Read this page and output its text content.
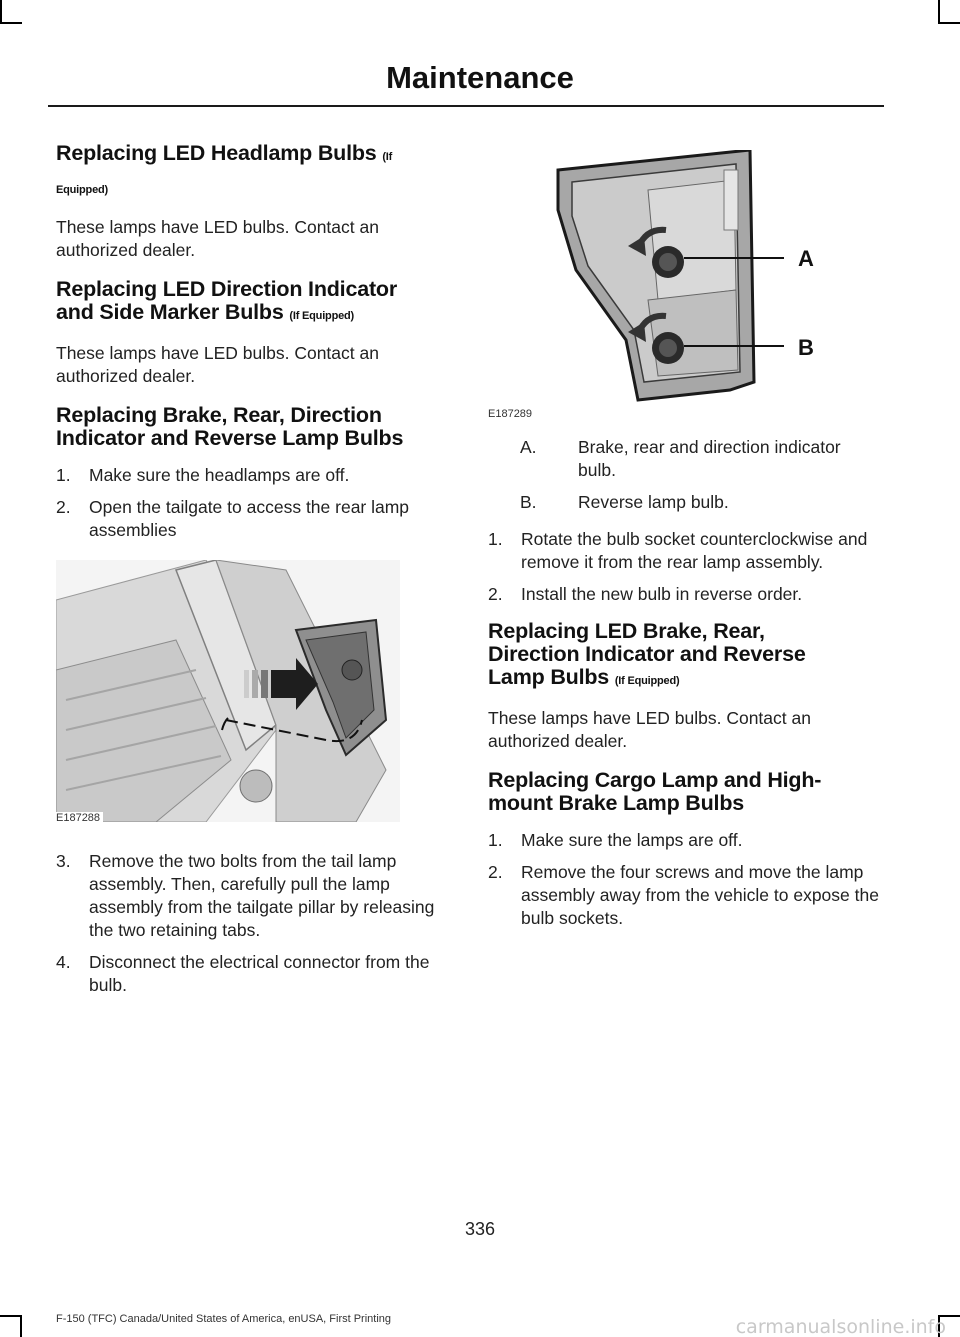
Maintenance
Replacing LED Headlamp Bulbs (If
Equipped)

These lamps have LED bulbs. Contact an authorized dealer.

Replacing LED Direction Indicator
and Side Marker Bulbs (If Equipped)

These lamps have LED bulbs. Contact an authorized dealer.

Replacing Brake, Rear, Direction
Indicator and Reverse Lamp Bulbs
1. Make sure the headlamps are off.
2. Open the tailgate to access the rear lamp assemblies
E187288
3. Remove the two bolts from the tail lamp assembly. Then, carefully pull the lamp assembly from the tailgate pillar by releasing the two retaining tabs.
4. Disconnect the electrical connector from the bulb.
A
B
E187289
A. Brake, rear and direction indicator bulb.
B. Reverse lamp bulb.
1. Rotate the bulb socket counterclockwise and remove it from the rear lamp assembly.
2. Install the new bulb in reverse order.
Replacing LED Brake, Rear,
Direction Indicator and Reverse
Lamp Bulbs (If Equipped)

These lamps have LED bulbs. Contact an authorized dealer.

Replacing Cargo Lamp and High-
mount Brake Lamp Bulbs
1. Make sure the lamps are off.
2. Remove the four screws and move the lamp assembly away from the vehicle to expose the bulb sockets.
336
F-150 (TFC) Canada/United States of America, enUSA, First Printing	carmanualsonline.info
